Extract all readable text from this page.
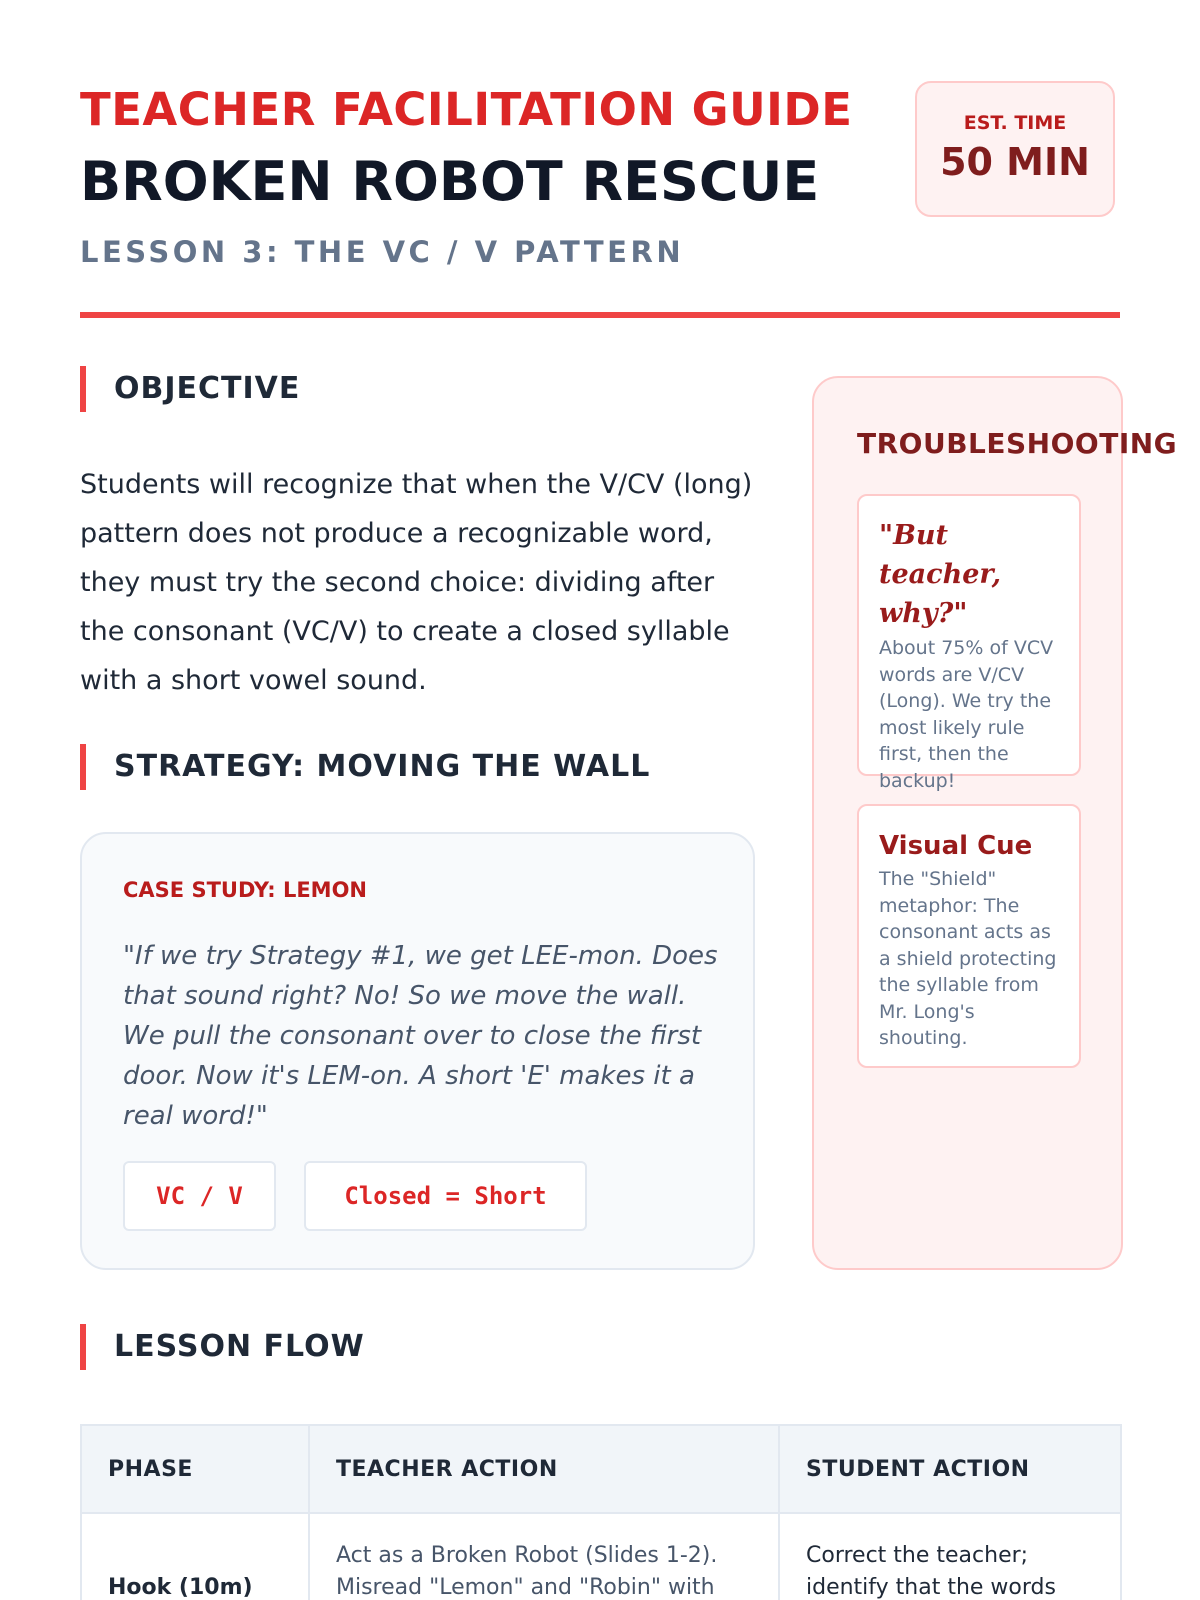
TEACHER FACILITATION GUIDE
BROKEN ROBOT RESCUE
LESSON 3: THE VC / V PATTERN
EST. TIME
50 MIN
OBJECTIVE
Students will recognize that when the V/CV (long) pattern does not produce a recognizable word, they must try the second choice: dividing after the consonant (VC/V) to create a closed syllable with a short vowel sound.
STRATEGY: MOVING THE WALL
CASE STUDY: LEMON
"If we try Strategy #1, we get LEE-mon. Does that sound right? No! So we move the wall. We pull the consonant over to close the first door. Now it's LEM-on. A short 'E' makes it a real word!"
VC / V	Closed = Short
TROUBLESHOOTING
"But teacher, why?"
About 75% of VCV words are V/CV (Long). We try the most likely rule first, then the backup!
Visual Cue
The "Shield" metaphor: The consonant acts as a shield protecting the syllable from Mr. Long's shouting.
LESSON FLOW
PHASE	TEACHER ACTION	STUDENT ACTION
Hook (10m)	Act as a Broken Robot (Slides 1-2). Misread "Lemon" and "Robin" with	Correct the teacher; identify that the words
